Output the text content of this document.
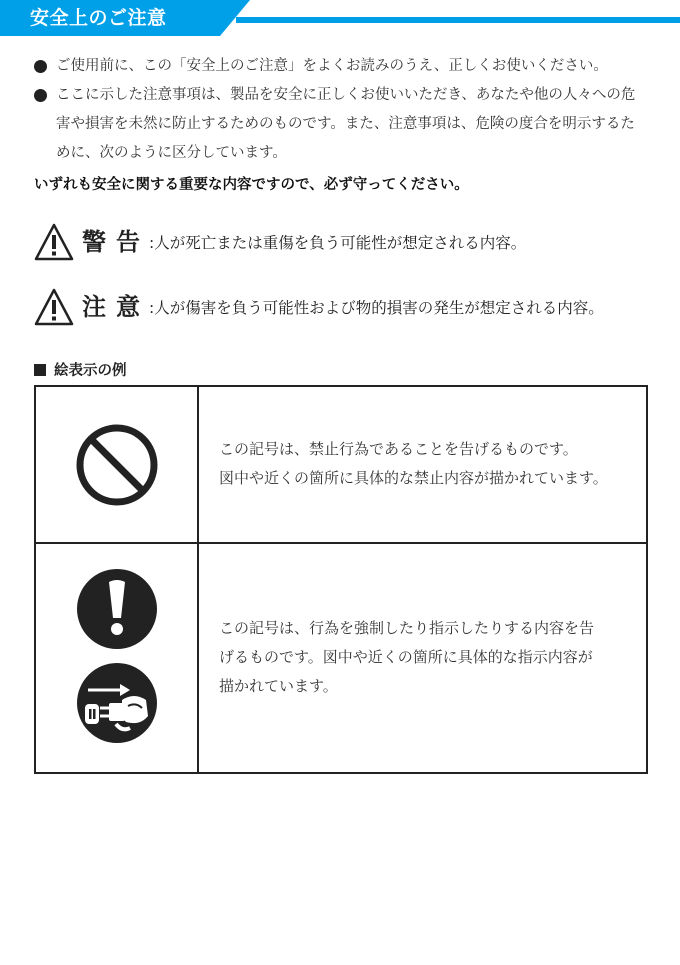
安全上のご注意
ご使用前に、この「安全上のご注意」をよくお読みのうえ、正しくお使いください。
ここに示した注意事項は、製品を安全に正しくお使いいただき、あなたや他の人々への危
害や損害を未然に防止するためのものです。また、注意事項は、危険の度合を明示するた
めに、次のように区分しています。
いずれも安全に関する重要な内容ですので、必ず守ってください。
警告 :人が死亡または重傷を負う可能性が想定される内容。
注意 :人が傷害を負う可能性および物的損害の発生が想定される内容。
絵表示の例
この記号は、禁止行為であることを告げるものです。
図中や近くの箇所に具体的な禁止内容が描かれています。
この記号は、行為を強制したり指示したりする内容を告
げるものです。図中や近くの箇所に具体的な指示内容が
描かれています。
